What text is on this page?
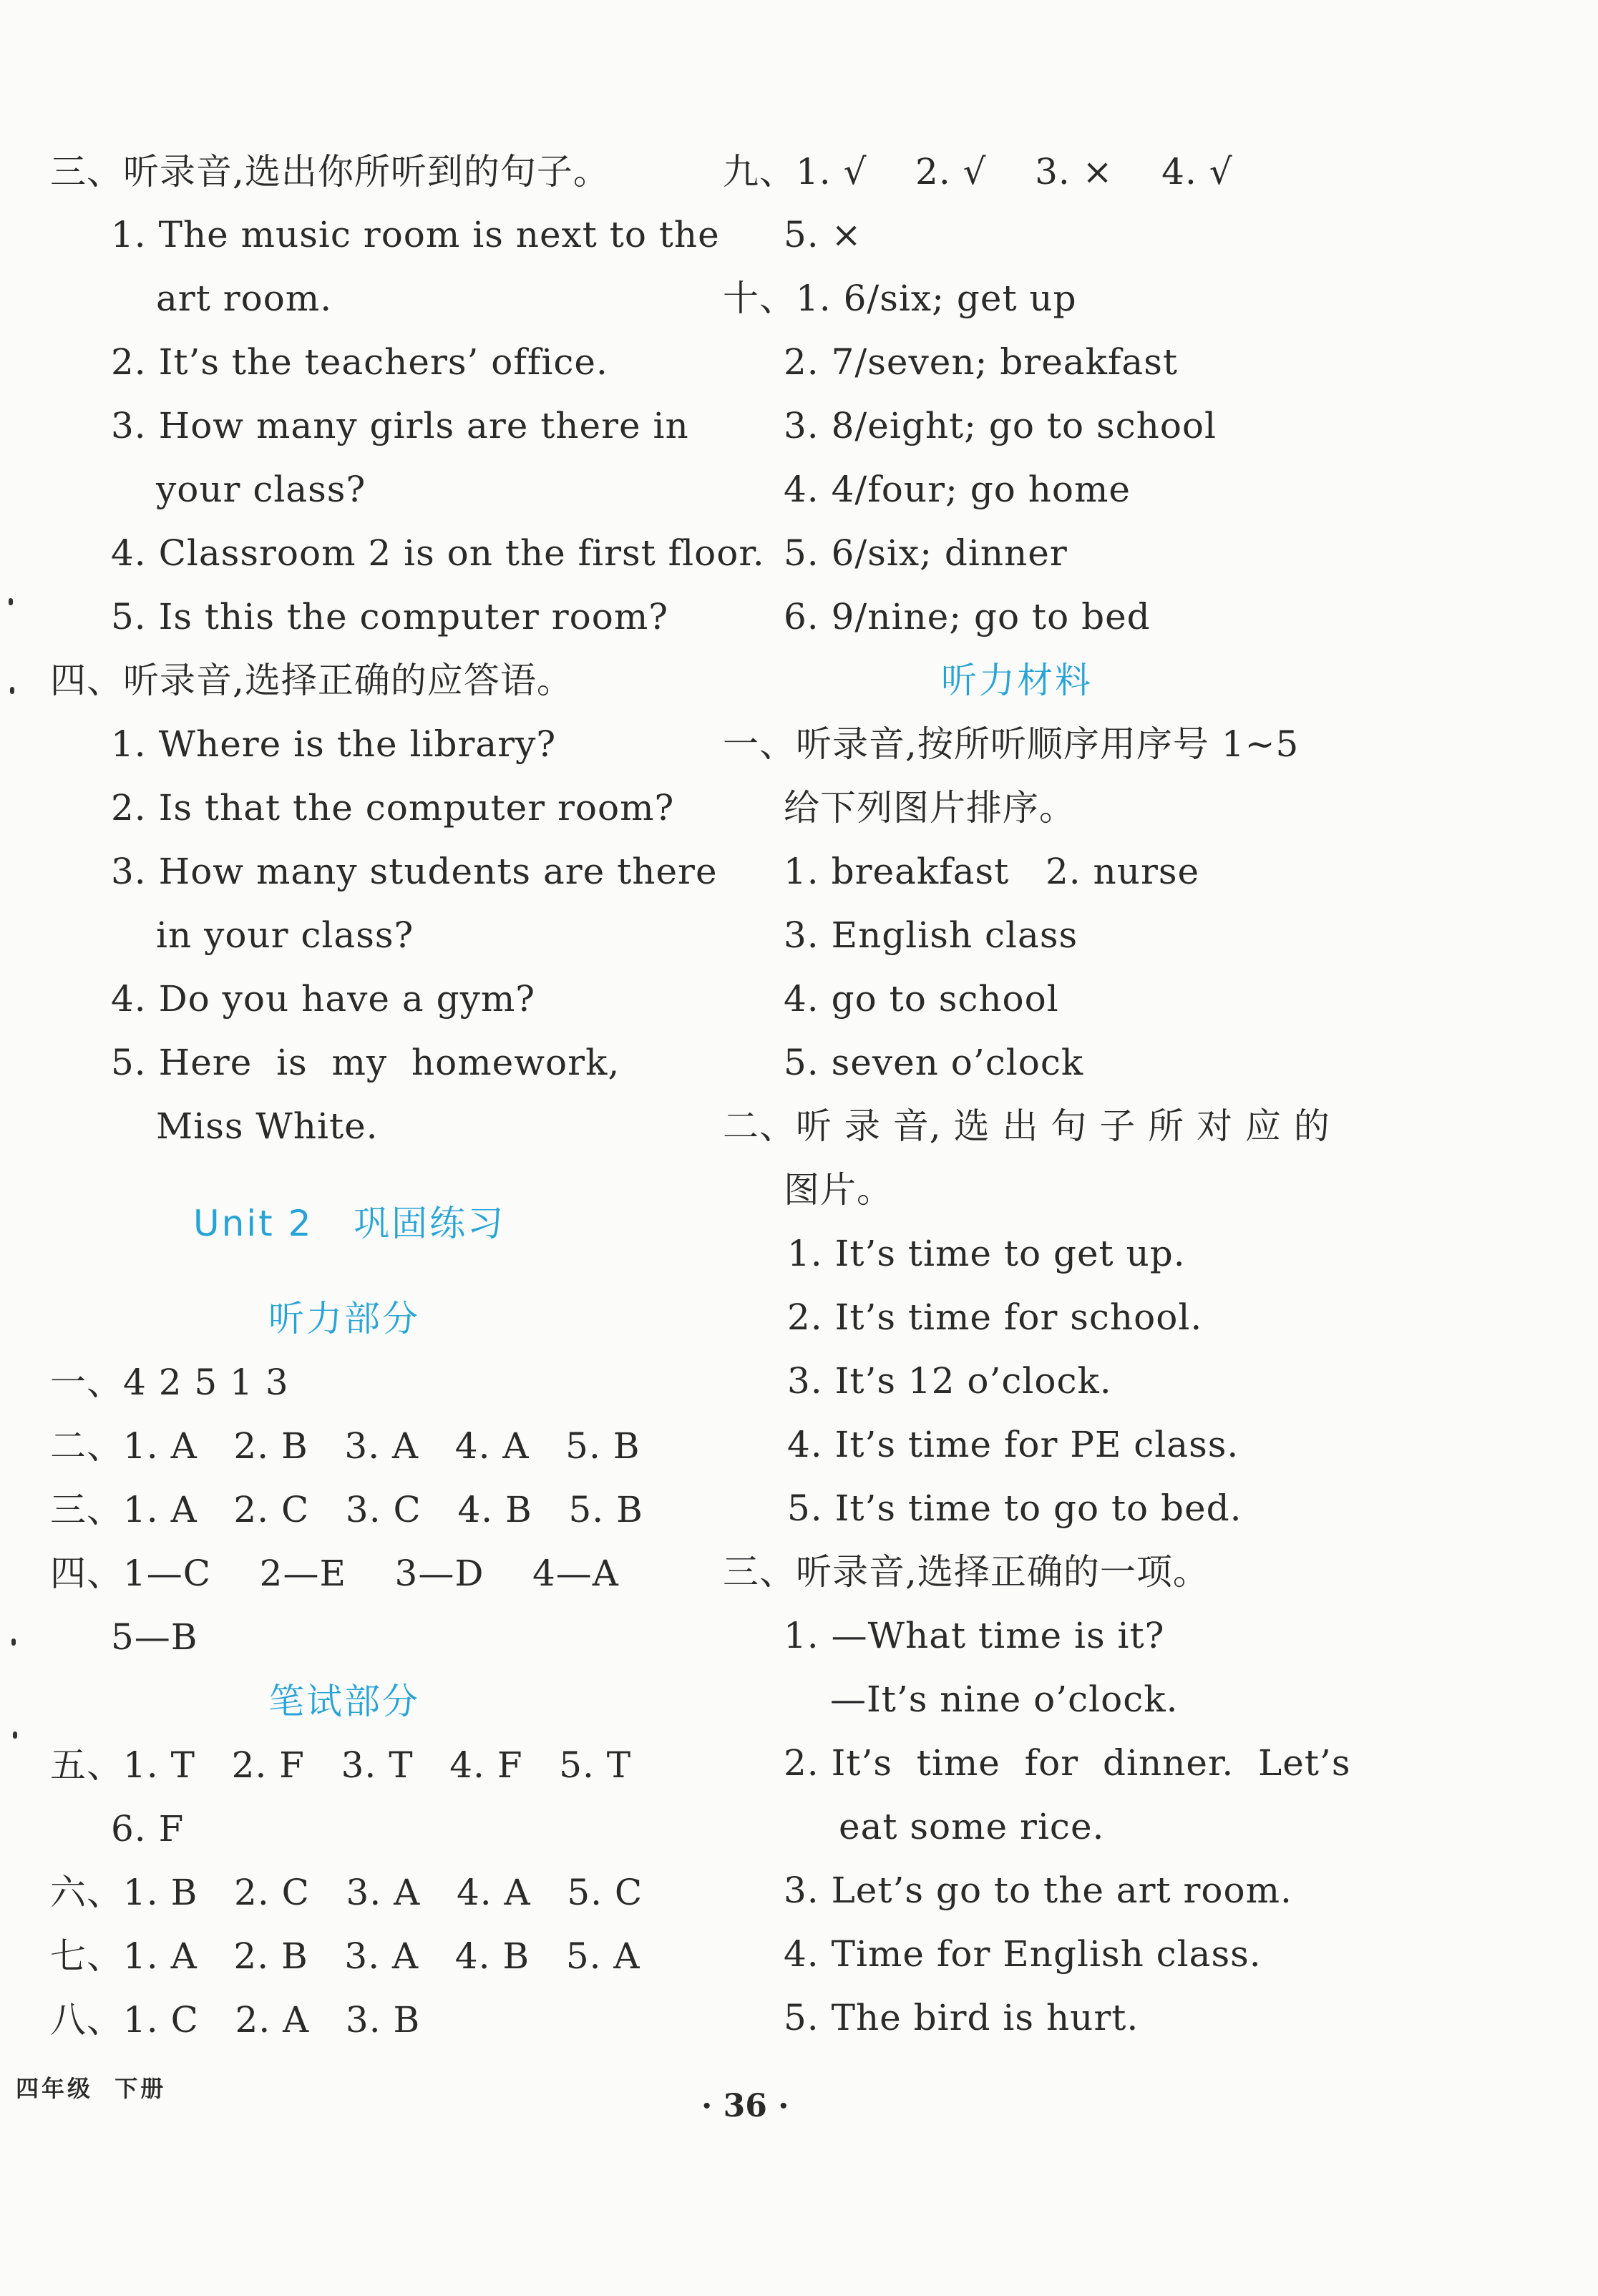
三、听录音,选出你所听到的句子。
1. The music room is next to the
art room.
2. It’s the teachers’ office.
3. How many girls are there in
your class?
4. Classroom 2 is on the first floor.
5. Is this the computer room?
四、听录音,选择正确的应答语。
1. Where is the library?
2. Is that the computer room?
3. How many students are there
in your class?
4. Do you have a gym?
5. Here  is  my  homework,
Miss White.
一、4 2 5 1 3
二、1. A   2. B   3. A   4. A   5. B
三、1. A   2. C   3. C   4. B   5. B
四、1—C    2—E    3—D    4—A
5—B
五、1. T   2. F   3. T   4. F   5. T
6. F
六、1. B   2. C   3. A   4. A   5. C
七、1. A   2. B   3. A   4. B   5. A
八、1. C   2. A   3. B
九、1. √    2. √    3. ×    4. √
5. ×
十、1. 6/six; get up
2. 7/seven; breakfast
3. 8/eight; go to school
4. 4/four; go home
5. 6/six; dinner
6. 9/nine; go to bed
一、听录音,按所听顺序用序号 1~5
给下列图片排序。
1. breakfast   2. nurse
3. English class
4. go to school
5. seven o’clock
二、听 录 音, 选 出 句 子 所 对 应 的
图片。
1. It’s time to get up.
2. It’s time for school.
3. It’s 12 o’clock.
4. It’s time for PE class.
5. It’s time to go to bed.
三、听录音,选择正确的一项。
1. —What time is it?
—It’s nine o’clock.
2. It’s  time  for  dinner.  Let’s
eat some rice.
3. Let’s go to the art room.
4. Time for English class.
5. The bird is hurt.
Unit 2   巩固练习
听力部分
笔试部分
听力材料
四年级  下册	· 36 ·
